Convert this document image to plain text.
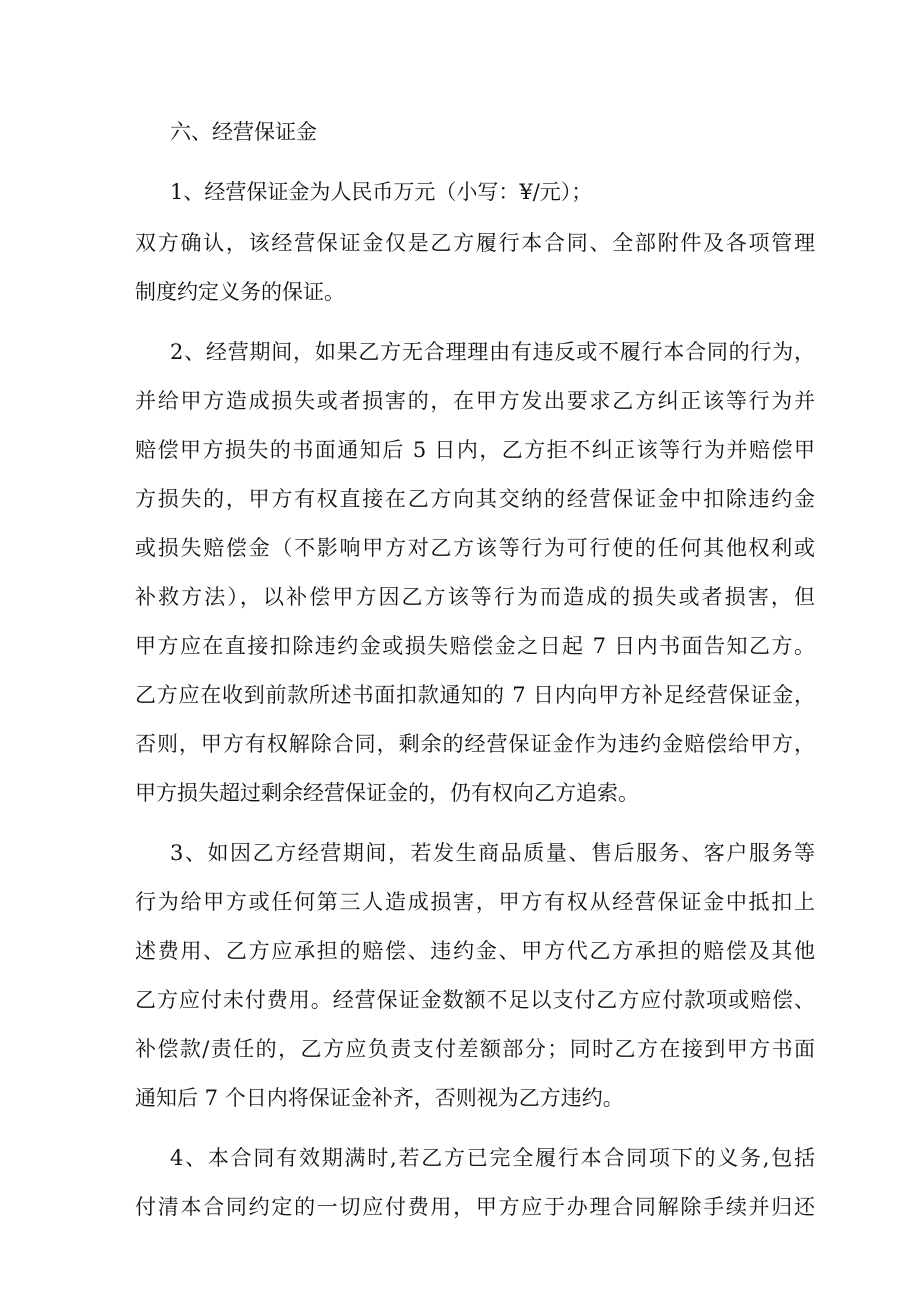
六、经营保证金
1、经营保证金为人民币万元（小写：¥/元）；
双方确认，该经营保证金仅是乙方履行本合同、全部附件及各项管理
制度约定义务的保证。
2、经营期间，如果乙方无合理理由有违反或不履行本合同的行为，
并给甲方造成损失或者损害的，在甲方发出要求乙方纠正该等行为并
赔偿甲方损失的书面通知后 5 日内，乙方拒不纠正该等行为并赔偿甲
方损失的，甲方有权直接在乙方向其交纳的经营保证金中扣除违约金
或损失赔偿金（不影响甲方对乙方该等行为可行使的任何其他权利或
补救方法），以补偿甲方因乙方该等行为而造成的损失或者损害，但
甲方应在直接扣除违约金或损失赔偿金之日起 7 日内书面告知乙方。
乙方应在收到前款所述书面扣款通知的 7 日内向甲方补足经营保证金，
否则，甲方有权解除合同，剩余的经营保证金作为违约金赔偿给甲方，
甲方损失超过剩余经营保证金的，仍有权向乙方追索。
3、如因乙方经营期间，若发生商品质量、售后服务、客户服务等
行为给甲方或任何第三人造成损害，甲方有权从经营保证金中抵扣上
述费用、乙方应承担的赔偿、违约金、甲方代乙方承担的赔偿及其他
乙方应付未付费用。经营保证金数额不足以支付乙方应付款项或赔偿、
补偿款/责任的，乙方应负责支付差额部分；同时乙方在接到甲方书面
通知后 7 个日内将保证金补齐，否则视为乙方违约。
4、本合同有效期满时,若乙方已完全履行本合同项下的义务,包括
付清本合同约定的一切应付费用，甲方应于办理合同解除手续并归还
